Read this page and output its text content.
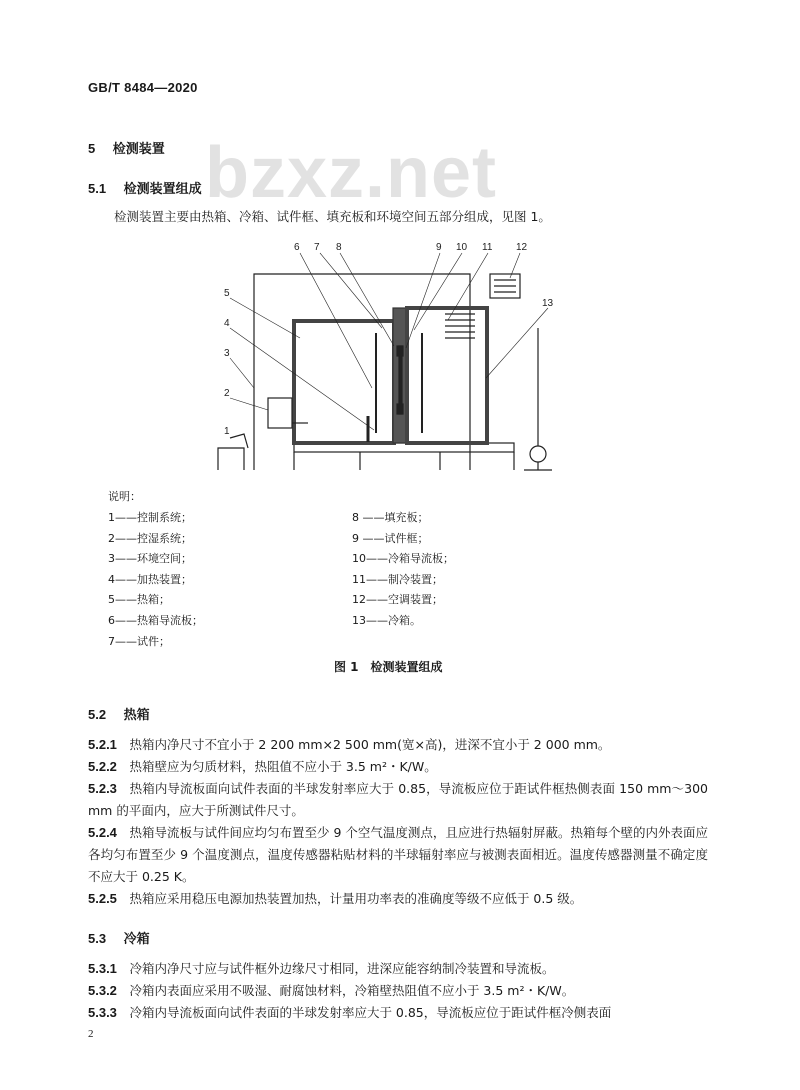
GB/T 8484—2020
bzxz.net
5　 检测装置
5.1　 检测装置组成
检测装置主要由热箱、冷箱、试件框、填充板和环境空间五部分组成，见图 1。
6 7 8	9 10 11 12
13
5
4
3
2
1
说明：
1——控制系统；
2——控湿系统；
3——环境空间；
4——加热装置；
5——热箱；
6——热箱导流板；
7——试件；
8 ——填充板；
9 ——试件框；
10——冷箱导流板；
11——制冷装置；
12——空调装置；
13——冷箱。
图 1　检测装置组成
5.2　 热箱
5.2.1　 热箱内净尺寸不宜小于 2 200 mm×2 500 mm(宽×高)，进深不宜小于 2 000 mm。
5.2.2　 热箱壁应为匀质材料，热阻值不应小于 3.5 m²・K/W。
5.2.3　 热箱内导流板面向试件表面的半球发射率应大于 0.85，导流板应位于距试件框热侧表面 150 mm～300 mm 的平面内，应大于所测试件尺寸。
5.2.4　 热箱导流板与试件间应均匀布置至少 9 个空气温度测点，且应进行热辐射屏蔽。热箱每个壁的内外表面应各均匀布置至少 9 个温度测点，温度传感器粘贴材料的半球辐射率应与被测表面相近。温度传感器测量不确定度不应大于 0.25 K。
5.2.5　 热箱应采用稳压电源加热装置加热，计量用功率表的准确度等级不应低于 0.5 级。
5.3　 冷箱
5.3.1　 冷箱内净尺寸应与试件框外边缘尺寸相同，进深应能容纳制冷装置和导流板。
5.3.2　 冷箱内表面应采用不吸湿、耐腐蚀材料，冷箱壁热阻值不应小于 3.5 m²・K/W。
5.3.3　 冷箱内导流板面向试件表面的半球发射率应大于 0.85，导流板应位于距试件框冷侧表面
2
